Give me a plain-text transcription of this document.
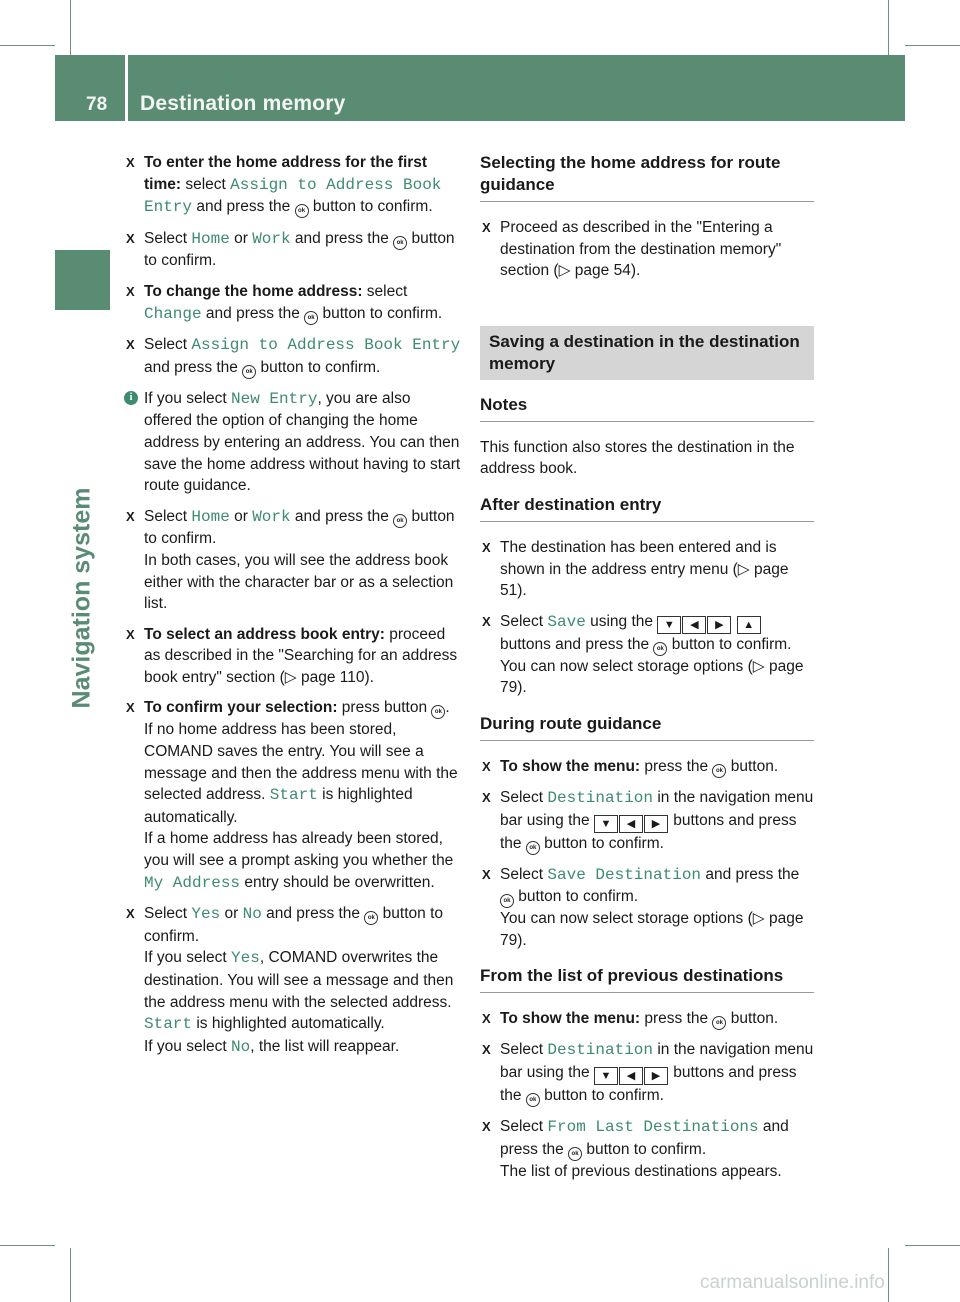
78 Destination memory
Navigation system
X To enter the home address for the first time: select Assign to Address Book Entry and press the ok button to confirm.
X Select Home or Work and press the ok button to confirm.
X To change the home address: select Change and press the ok button to confirm.
X Select Assign to Address Book Entry and press the ok button to confirm.
i If you select New Entry, you are also offered the option of changing the home address by entering an address. You can then save the home address without having to start route guidance.
X Select Home or Work and press the ok button to confirm.
In both cases, you will see the address book either with the character bar or as a selection list.
X To select an address book entry: proceed as described in the "Searching for an address book entry" section (▷ page 110).
X To confirm your selection: press button ok .
If no home address has been stored, COMAND saves the entry. You will see a message and then the address menu with the selected address. Start is highlighted automatically.
If a home address has already been stored, you will see a prompt asking you whether the My Address entry should be overwritten.
X Select Yes or No and press the ok button to confirm.
If you select Yes, COMAND overwrites the destination. You will see a message and then the address menu with the selected address. Start is highlighted automatically.
If you select No, the list will reappear.
Selecting the home address for route guidance
X Proceed as described in the "Entering a destination from the destination memory" section (▷ page 54).
Saving a destination in the destination memory
Notes
This function also stores the destination in the address book.
After destination entry
X The destination has been entered and is shown in the address entry menu (▷ page 51).
X Select Save using the ▼ ◀ ▶ ▲ buttons and press the ok button to confirm.
You can now select storage options (▷ page 79).
During route guidance
X To show the menu: press the ok button.
X Select Destination in the navigation menu bar using the ▼ ◀ ▶ buttons and press the ok button to confirm.
X Select Save Destination and press the ok button to confirm.
You can now select storage options (▷ page 79).
From the list of previous destinations
X To show the menu: press the ok button.
X Select Destination in the navigation menu bar using the ▼ ◀ ▶ buttons and press the ok button to confirm.
X Select From Last Destinations and press the ok button to confirm.
The list of previous destinations appears.
carmanualsonline.info
